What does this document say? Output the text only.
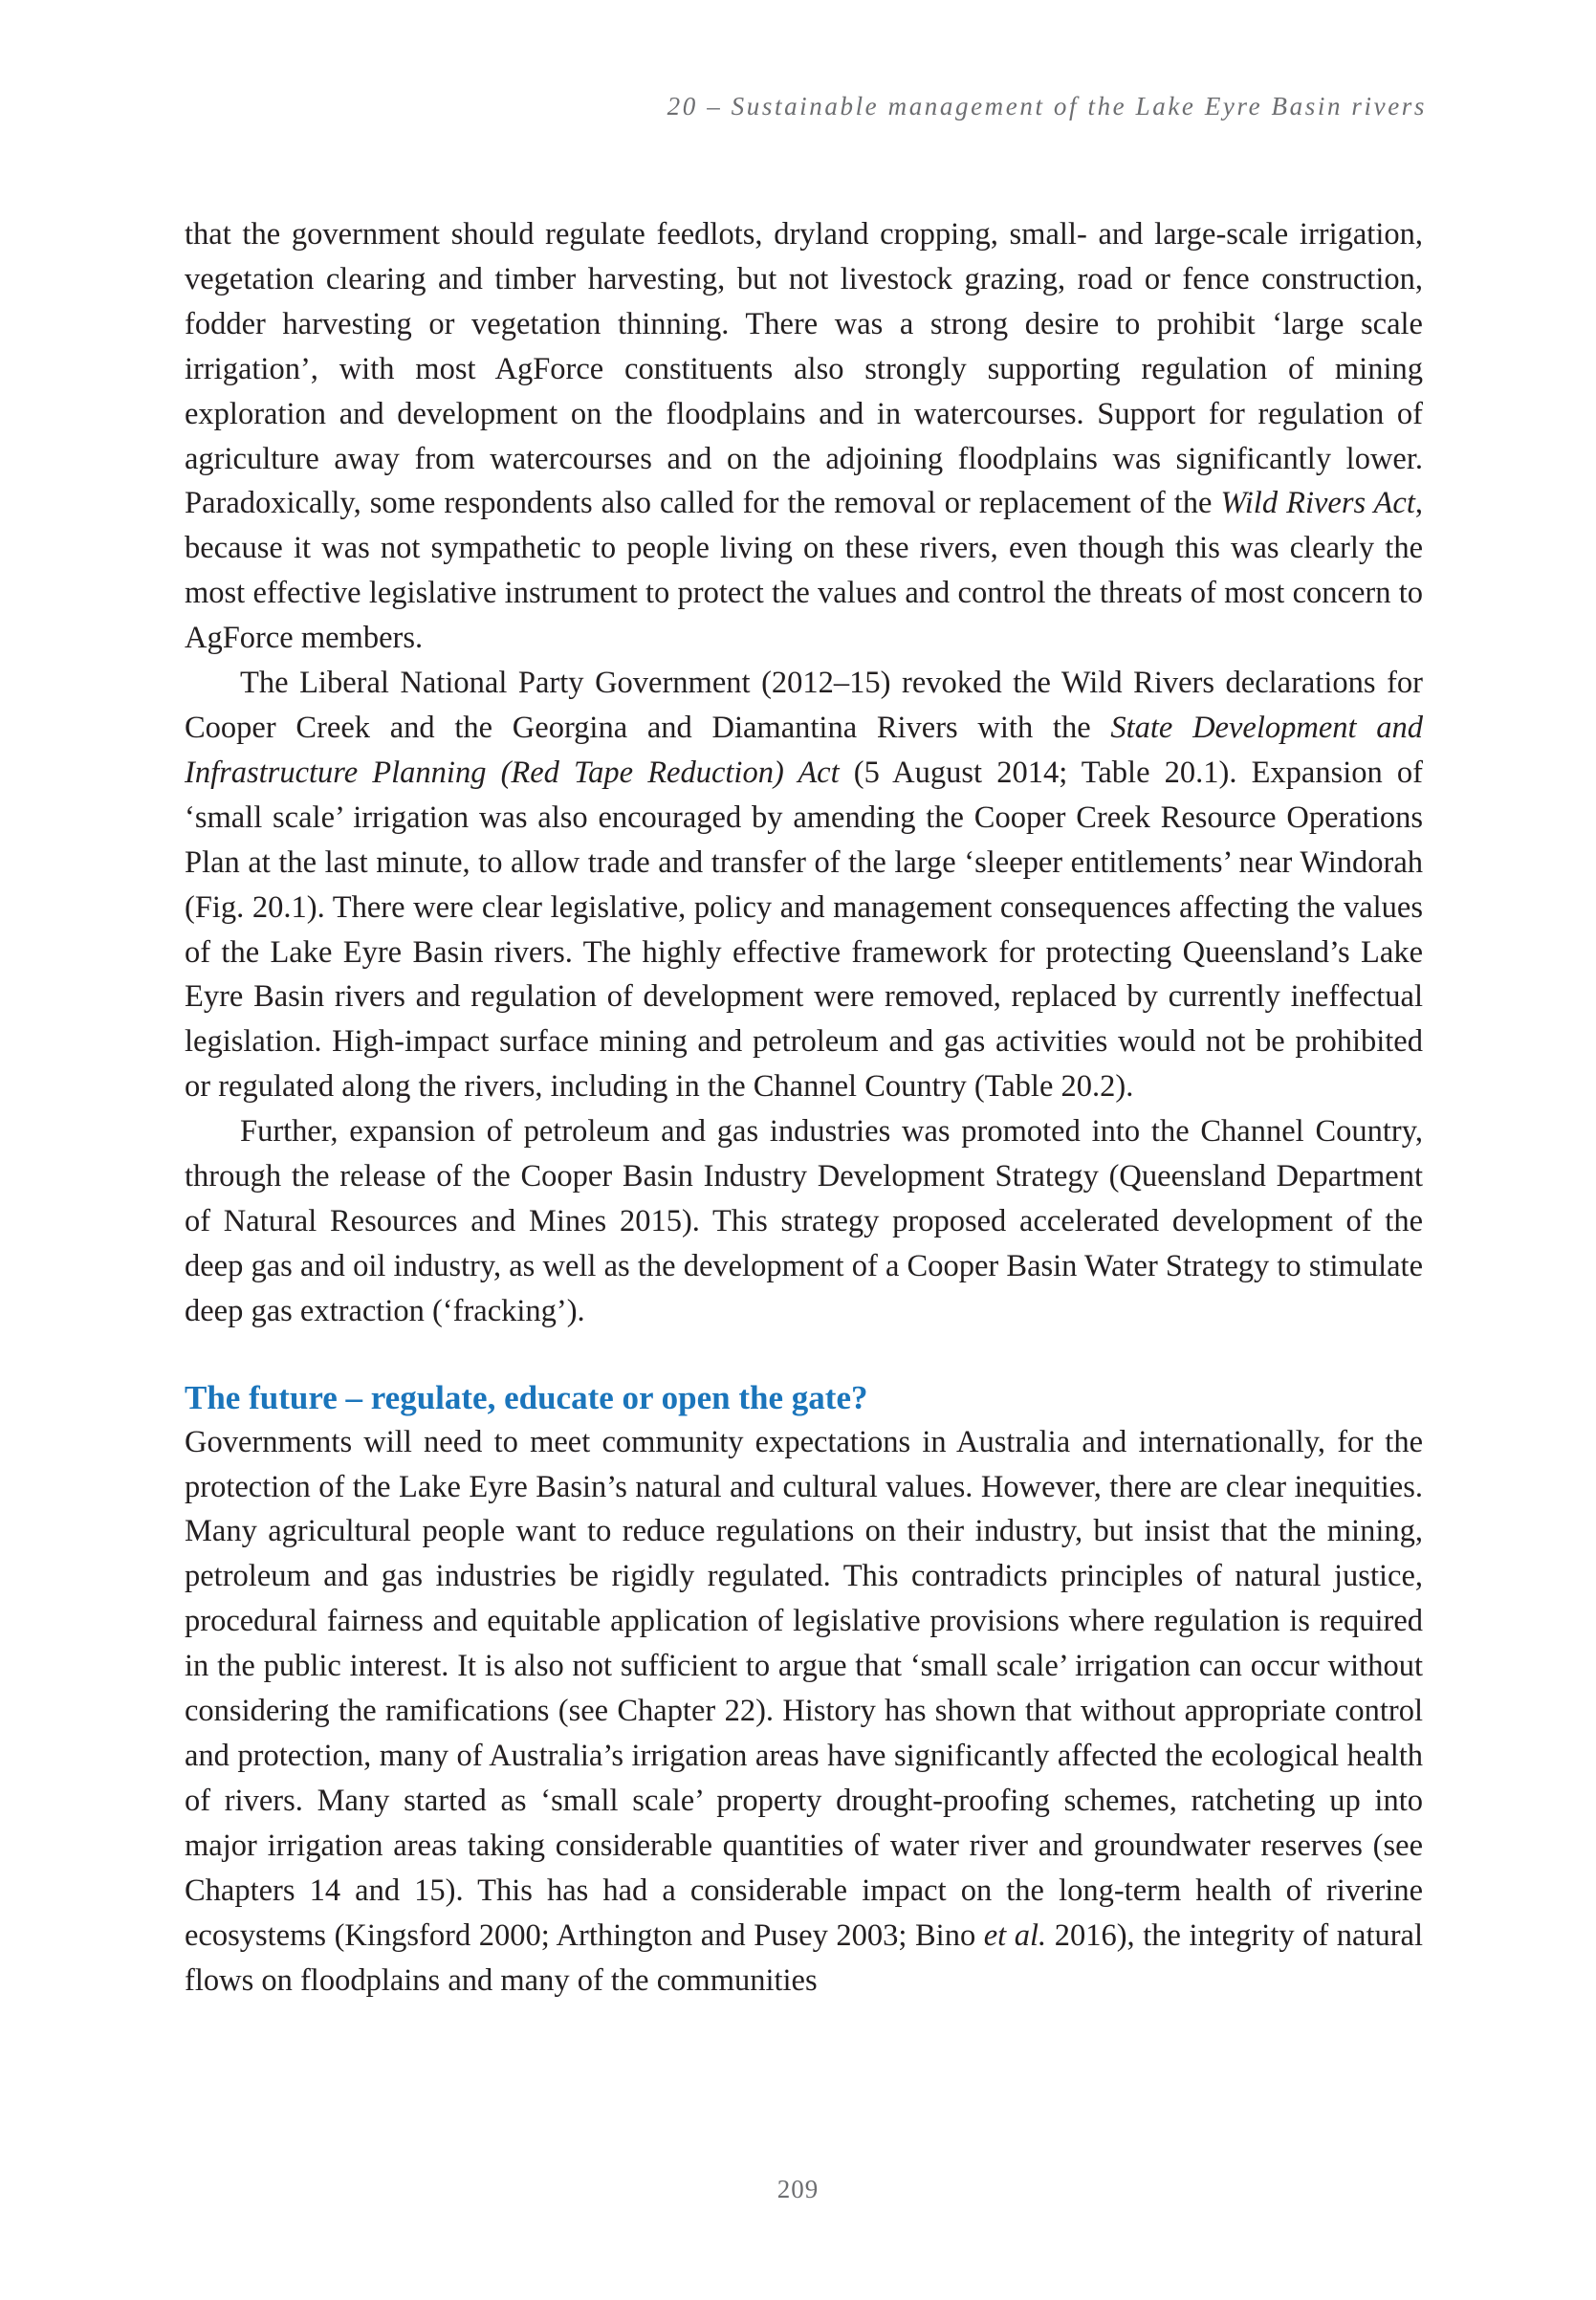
20 – Sustainable management of the Lake Eyre Basin rivers

that the government should regulate feedlots, dryland cropping, small- and large-scale irrigation, vegetation clearing and timber harvesting, but not livestock grazing, road or fence construction, fodder harvesting or vegetation thinning. There was a strong desire to prohibit ‘large scale irrigation’, with most AgForce constituents also strongly supporting regulation of mining exploration and development on the floodplains and in watercourses. Support for regulation of agriculture away from watercourses and on the adjoining floodplains was significantly lower. Paradoxically, some respondents also called for the removal or replacement of the Wild Rivers Act, because it was not sympathetic to people living on these rivers, even though this was clearly the most effective legislative instrument to protect the values and control the threats of most concern to AgForce members.

The Liberal National Party Government (2012–15) revoked the Wild Rivers declarations for Cooper Creek and the Georgina and Diamantina Rivers with the State Development and Infrastructure Planning (Red Tape Reduction) Act (5 August 2014; Table 20.1). Expansion of ‘small scale’ irrigation was also encouraged by amending the Cooper Creek Resource Operations Plan at the last minute, to allow trade and transfer of the large ‘sleeper entitlements’ near Windorah (Fig. 20.1). There were clear legislative, policy and management consequences affecting the values of the Lake Eyre Basin rivers. The highly effective framework for protecting Queensland’s Lake Eyre Basin rivers and regulation of development were removed, replaced by currently ineffectual legislation. High-impact surface mining and petroleum and gas activities would not be prohibited or regulated along the rivers, including in the Channel Country (Table 20.2).

Further, expansion of petroleum and gas industries was promoted into the Channel Country, through the release of the Cooper Basin Industry Development Strategy (Queensland Department of Natural Resources and Mines 2015). This strategy proposed accelerated development of the deep gas and oil industry, as well as the development of a Cooper Basin Water Strategy to stimulate deep gas extraction (‘fracking’).

The future – regulate, educate or open the gate?

Governments will need to meet community expectations in Australia and internationally, for the protection of the Lake Eyre Basin’s natural and cultural values. However, there are clear inequities. Many agricultural people want to reduce regulations on their industry, but insist that the mining, petroleum and gas industries be rigidly regulated. This contradicts principles of natural justice, procedural fairness and equitable application of legislative provisions where regulation is required in the public interest. It is also not sufficient to argue that ‘small scale’ irrigation can occur without considering the ramifications (see Chapter 22). History has shown that without appropriate control and protection, many of Australia’s irrigation areas have significantly affected the ecological health of rivers. Many started as ‘small scale’ property drought-proofing schemes, ratcheting up into major irrigation areas taking considerable quantities of water river and groundwater reserves (see Chapters 14 and 15). This has had a considerable impact on the long-term health of riverine ecosystems (Kingsford 2000; Arthington and Pusey 2003; Bino et al. 2016), the integrity of natural flows on floodplains and many of the communities

209
